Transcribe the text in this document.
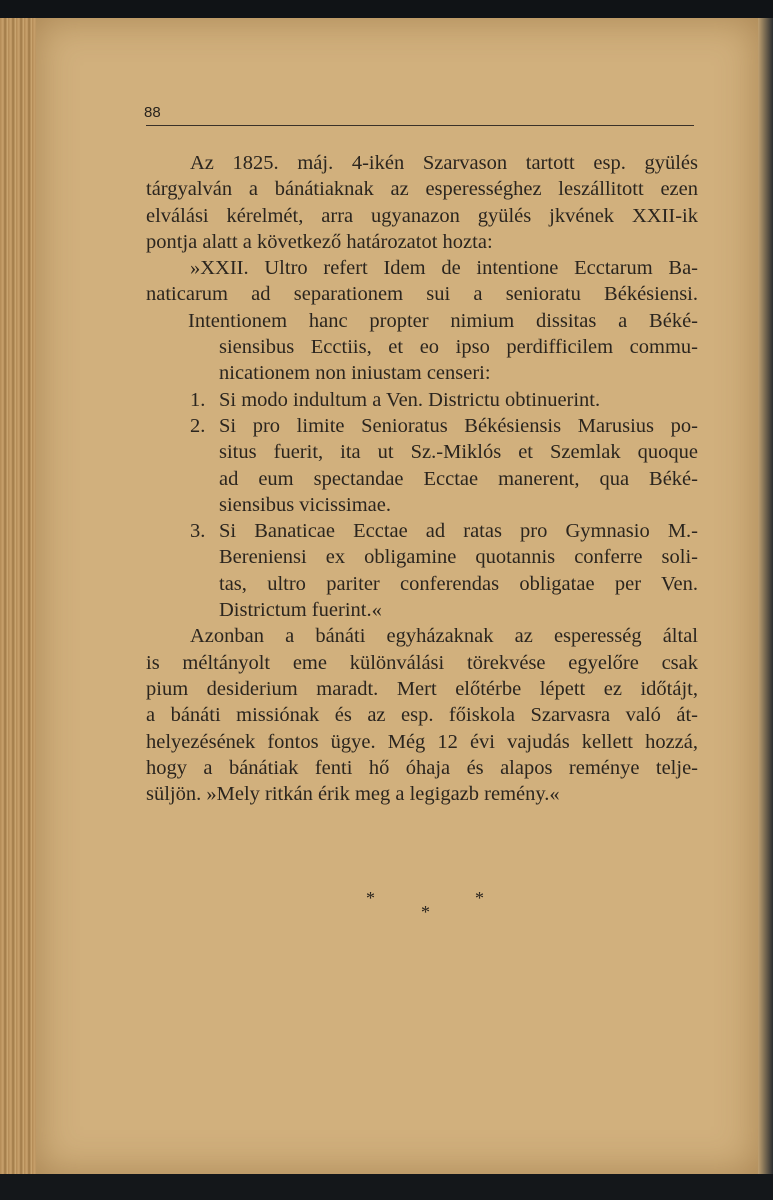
88
Az 1825. máj. 4-ikén Szarvason tartott esp. gyülés
tárgyalván a bánátiaknak az esperességhez leszállitott ezen
elválási kérelmét, arra ugyanazon gyülés jkvének XXII-ik
pontja alatt a következő határozatot hozta:
»XXII. Ultro refert Idem de intentione Ecctarum Ba-
naticarum ad separationem sui a senioratu Békésiensi.
Intentionem hanc propter nimium dissitas a Béké-
siensibus Ecctiis, et eo ipso perdifficilem commu-
nicationem non iniustam censeri:
1. Si modo indultum a Ven. Districtu obtinuerint.
2. Si pro limite Senioratus Békésiensis Marusius po-
situs fuerit, ita ut Sz.-Miklós et Szemlak quoque
ad eum spectandae Ecctae manerent, qua Béké-
siensibus vicissimae.
3. Si Banaticae Ecctae ad ratas pro Gymnasio M.-
Bereniensi ex obligamine quotannis conferre soli-
tas, ultro pariter conferendas obligatae per Ven.
Districtum fuerint.«
Azonban a bánáti egyházaknak az esperesség által
is méltányolt eme különválási törekvése egyelőre csak
pium desiderium maradt. Mert előtérbe lépett ez időtájt,
a bánáti missiónak és az esp. főiskola Szarvasra való át-
helyezésének fontos ügye. Még 12 évi vajudás kellett hozzá,
hogy a bánátiak fenti hő óhaja és alapos reménye telje-
süljön. »Mely ritkán érik meg a legigazb remény.«
*	*
*
